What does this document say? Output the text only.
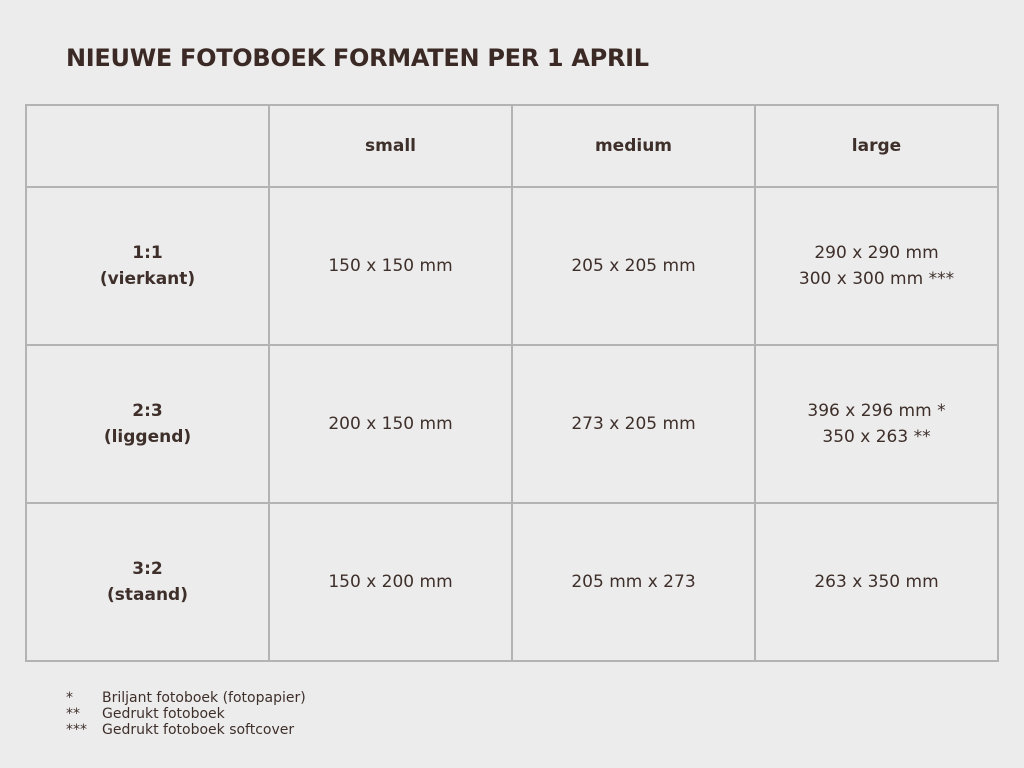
NIEUWE FOTOBOEK FORMATEN PER 1 APRIL
	small	medium	large

1:1
(vierkant)	150 x 150 mm	205 x 205 mm	290 x 290 mm
300 x 300 mm ***

2:3
(liggend)	200 x 150 mm	273 x 205 mm	396 x 296 mm *
350 x 263 **

3:2
(staand)	150 x 200 mm	205 mm x 273	263 x 350 mm
*	Briljant fotoboek (fotopapier)
**	Gedrukt fotoboek
***	Gedrukt fotoboek softcover
